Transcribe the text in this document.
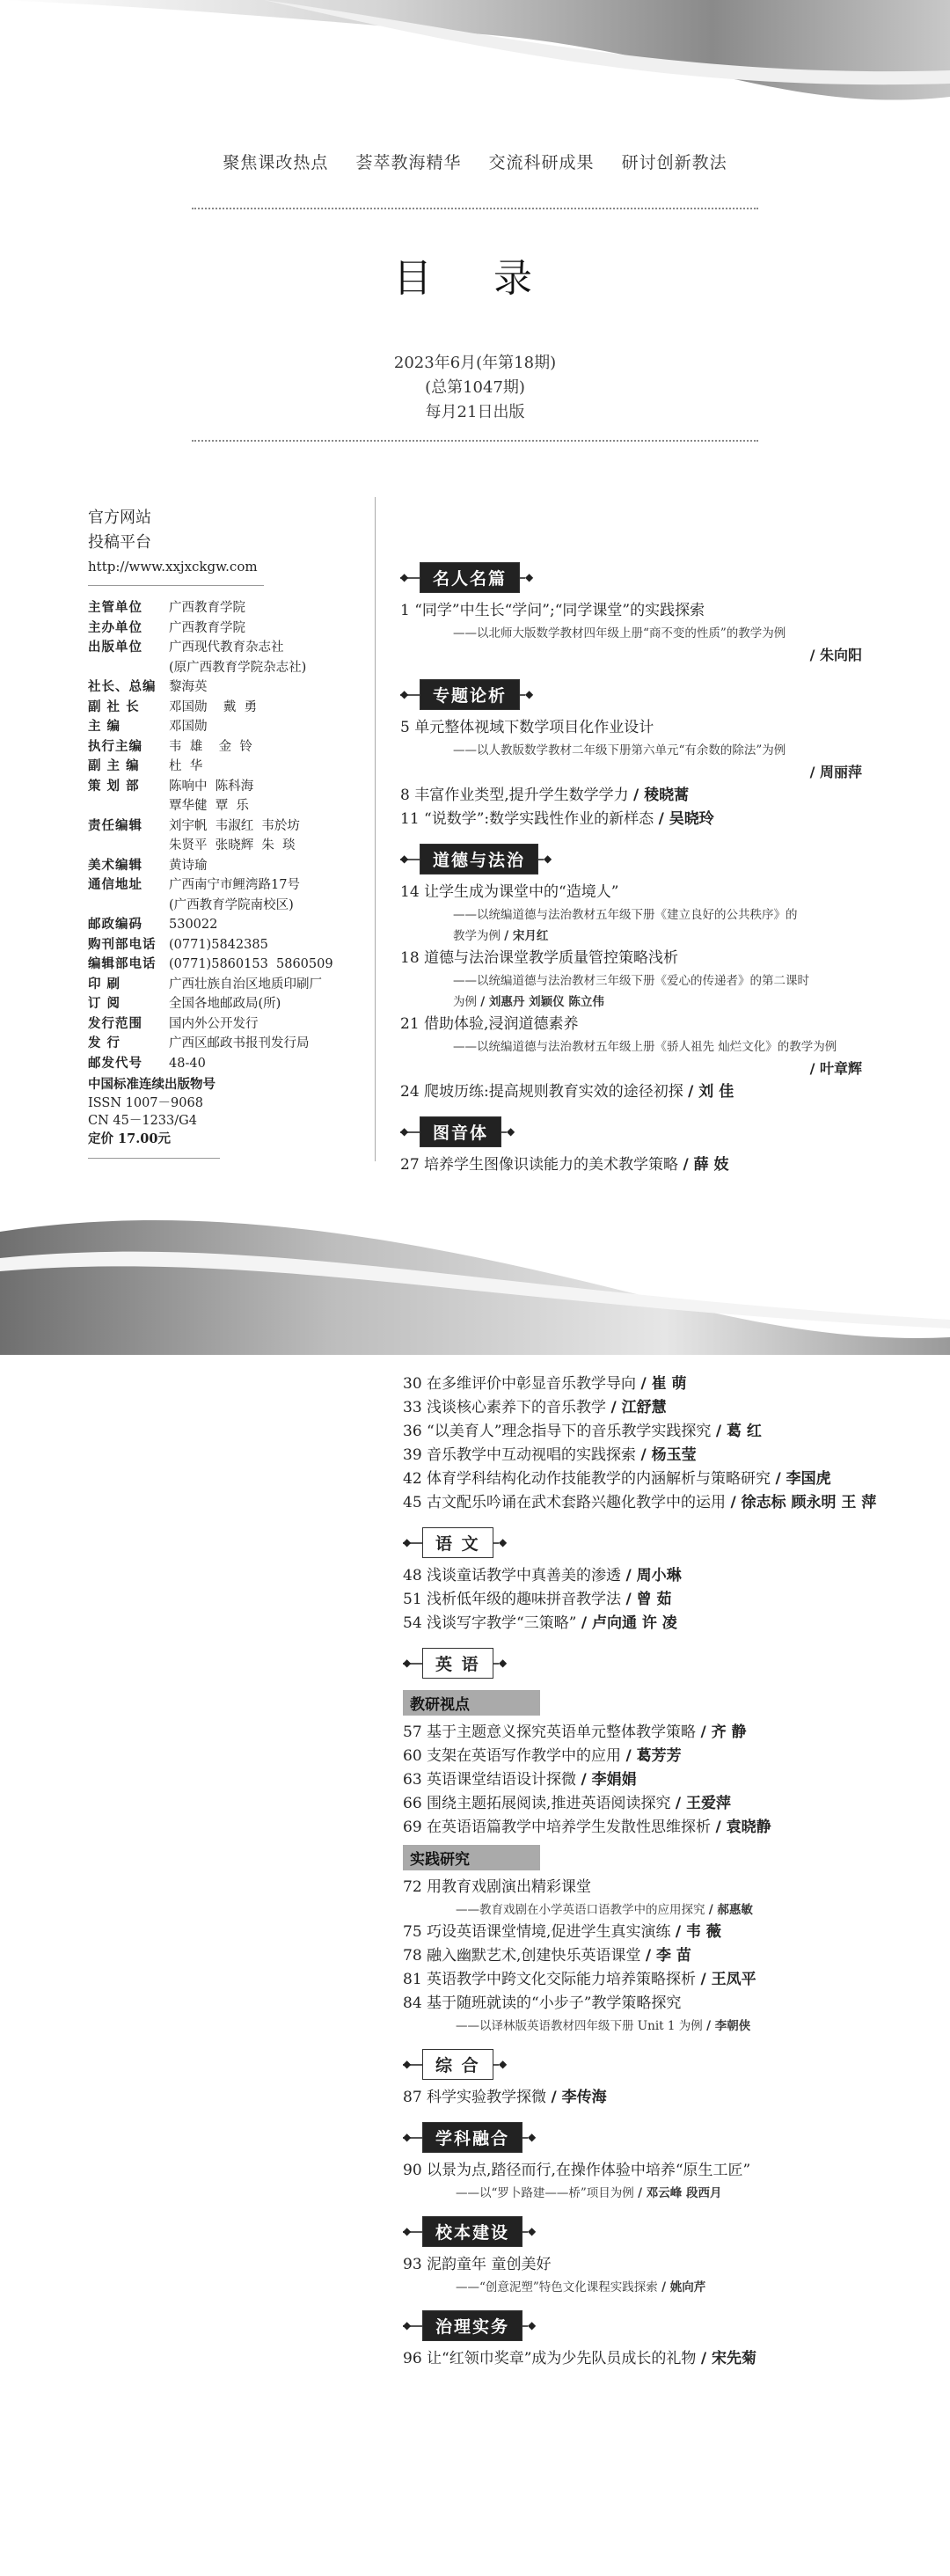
聚焦课改热点 荟萃教海精华 交流科研成果 研讨创新教法
目 录
2023年6月(年第18期)
(总第1047期)
每月21日出版
官方网站
投稿平台
http://www.xxjxckgw.com
主管单位	广西教育学院
主办单位	广西教育学院
出版单位	广西现代教育杂志社
(原广西教育学院杂志社)
社长、总编	黎海英
副 社 长	邓国勋    戴  勇
主 编	邓国勋
执行主编	韦  雄    金  铃
副 主 编	杜  华
策 划 部	陈响中  陈科海
覃华健  覃  乐
责任编辑	刘宇帆  韦淑红  韦於坊
朱贤平  张晓辉  朱  琰
美术编辑	黄诗瑜
通信地址	广西南宁市鲤湾路17号
(广西教育学院南校区)
邮政编码	530022
购刊部电话	(0771)5842385
编辑部电话	(0771)5860153  5860509
印 刷	广西壮族自治区地质印刷厂
订 阅	全国各地邮政局(所)
发行范围	国内外公开发行
发 行	广西区邮政书报刊发行局
邮发代号	48-40
中国标准连续出版物号
ISSN 1007－9068
CN 45－1233/G4
定价 17.00元
◆	名人名篇	◆
1 “同学”中生长“学问”;“同学课堂”的实践探索
——以北师大版数学教材四年级上册“商不变的性质”的教学为例
/ 朱向阳
◆	专题论析	◆
5 单元整体视域下数学项目化作业设计
——以人教版数学教材二年级下册第六单元“有余数的除法”为例
/ 周丽萍
8 丰富作业类型,提升学生数学学力 / 稜晓蒿
11 “说数学”:数学实践性作业的新样态 / 吴晓玲
◆	道德与法治	◆
14 让学生成为课堂中的“造境人”
——以统编道德与法治教材五年级下册《建立良好的公共秩序》的
教学为例 / 宋月红
18 道德与法治课堂教学质量管控策略浅析
——以统编道德与法治教材三年级下册《爱心的传递者》的第二课时
为例 / 刘惠丹 刘颖仪 陈立伟
21 借助体验,浸润道德素养
——以统编道德与法治教材五年级上册《骄人祖先 灿烂文化》的教学为例
/ 叶章辉
24 爬坡历练:提高规则教育实效的途径初探 / 刘 佳
◆	图音体	◆
27 培养学生图像识读能力的美术教学策略 / 薛 妓
30 在多维评价中彰显音乐教学导向 / 崔 萌
33 浅谈核心素养下的音乐教学 / 江舒慧
36 “以美育人”理念指导下的音乐教学实践探究 / 葛 红
39 音乐教学中互动视唱的实践探索 / 杨玉莹
42 体育学科结构化动作技能教学的内涵解析与策略研究 / 李国虎
45 古文配乐吟诵在武术套路兴趣化教学中的运用 / 徐志标 顾永明 王 萍
◆	语 文	◆
48 浅谈童话教学中真善美的渗透 / 周小琳
51 浅析低年级的趣味拼音教学法 / 曾 茹
54 浅谈写字教学“三策略” / 卢向通 许 凌
◆	英 语	◆
教研视点
57 基于主题意义探究英语单元整体教学策略 / 齐 静
60 支架在英语写作教学中的应用 / 葛芳芳
63 英语课堂结语设计探微 / 李娟娟
66 围绕主题拓展阅读,推进英语阅读探究 / 王爱萍
69 在英语语篇教学中培养学生发散性思维探析 / 袁晓静
实践研究
72 用教育戏剧演出精彩课堂
——教育戏剧在小学英语口语教学中的应用探究 / 郝惠敏
75 巧设英语课堂情境,促进学生真实演练 / 韦 薇
78 融入幽默艺术,创建快乐英语课堂 / 李 苗
81 英语教学中跨文化交际能力培养策略探析 / 王凤平
84 基于随班就读的“小步子”教学策略探究
——以译林版英语教材四年级下册 Unit 1 为例 / 李朝侠
◆	综 合	◆
87 科学实验教学探微 / 李传海
◆	学科融合	◆
90 以景为点,踏径而行,在操作体验中培养“原生工匠”
——以“罗卜路建——桥”项目为例 / 邓云峰 段西月
◆	校本建设	◆
93 泥韵童年 童创美好
——“创意泥塑”特色文化课程实践探索 / 姚向芹
◆	治理实务	◆
96 让“红领巾奖章”成为少先队员成长的礼物 / 宋先菊
